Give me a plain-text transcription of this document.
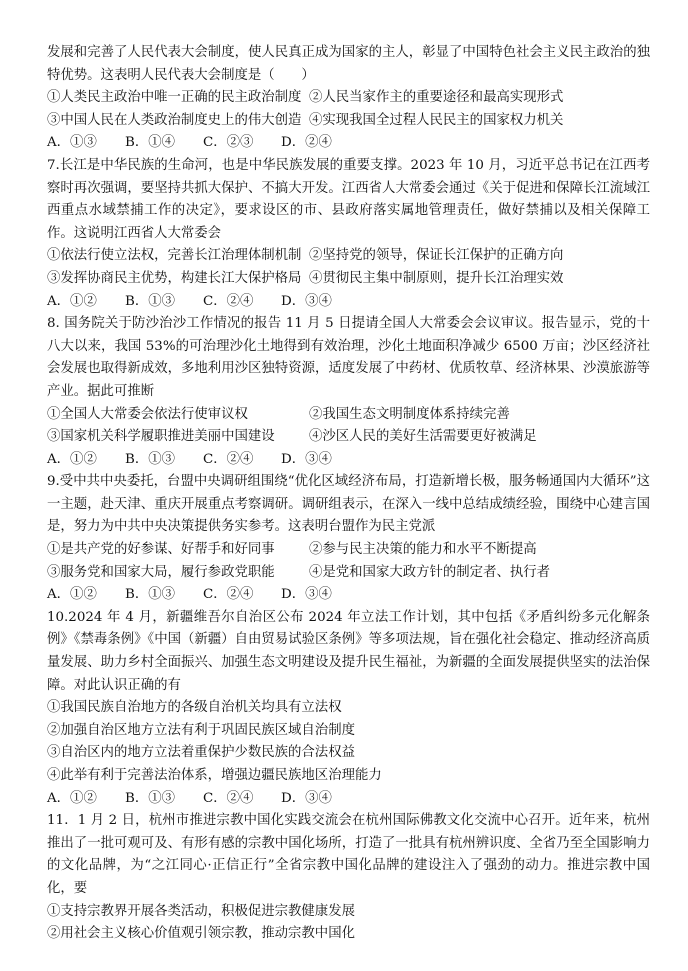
发展和完善了人民代表大会制度，使人民真正成为国家的主人，彰显了中国特色社会主义民主政治的独特优势。这表明人民代表大会制度是（　　）

①人类民主政治中唯一正确的民主政治制度 ②人民当家作主的重要途径和最高实现形式
③中国人民在人类政治制度史上的伟大创造 ④实现我国全过程人民民主的国家权力机关
A．①③	B．①④	C．②③	D．②④

7.长江是中华民族的生命河，也是中华民族发展的重要支撑。2023 年 10 月，习近平总书记在江西考察时再次强调，要坚持共抓大保护、不搞大开发。江西省人大常委会通过《关于促进和保障长江流域江西重点水域禁捕工作的决定》，要求设区的市、县政府落实属地管理责任，做好禁捕以及相关保障工作。这说明江西省人大常委会

①依法行使立法权，完善长江治理体制机制 ②坚持党的领导，保证长江保护的正确方向
③发挥协商民主优势，构建长江大保护格局 ④贯彻民主集中制原则，提升长江治理实效
A．①②	B．①③	C．②④	D．③④

8. 国务院关于防沙治沙工作情况的报告 11 月 5 日提请全国人大常委会会议审议。报告显示，党的十八大以来，我国 53%的可治理沙化土地得到有效治理，沙化土地面积净减少 6500 万亩；沙区经济社会发展也取得新成效，多地利用沙区独特资源，适度发展了中药材、优质牧草、经济林果、沙漠旅游等产业。据此可推断

①全国人大常委会依法行使审议权	②我国生态文明制度体系持续完善
③国家机关科学履职推进美丽中国建设	④沙区人民的美好生活需要更好被满足
A．①②	B．①③	C．②④	D．③④

9.受中共中央委托，台盟中央调研组围绕“优化区域经济布局，打造新增长极，服务畅通国内大循环”这一主题，赴天津、重庆开展重点考察调研。调研组表示，在深入一线中总结成绩经验，围绕中心建言国是，努力为中共中央决策提供务实参考。这表明台盟作为民主党派

①是共产党的好参谋、好帮手和好同事	②参与民主决策的能力和水平不断提高
③服务党和国家大局，履行参政党职能	④是党和国家大政方针的制定者、执行者
A．①②	B．①③	C．②④	D．③④

10.2024 年 4 月，新疆维吾尔自治区公布 2024 年立法工作计划，其中包括《矛盾纠纷多元化解条例》《禁毒条例》《中国（新疆）自由贸易试验区条例》等多项法规，旨在强化社会稳定、推动经济高质量发展、助力乡村全面振兴、加强生态文明建设及提升民生福祉，为新疆的全面发展提供坚实的法治保障。对此认识正确的有

①我国民族自治地方的各级自治机关均具有立法权

②加强自治区地方立法有利于巩固民族区域自治制度

③自治区内的地方立法着重保护少数民族的合法权益

④此举有利于完善法治体系，增强边疆民族地区治理能力

A．①②	B．①③	C．②④	D．③④

11．1 月 2 日，杭州市推进宗教中国化实践交流会在杭州国际佛教文化交流中心召开。近年来，杭州推出了一批可观可及、有形有感的宗教中国化场所，打造了一批具有杭州辨识度、全省乃至全国影响力的文化品牌，为“之江同心·正信正行”全省宗教中国化品牌的建设注入了强劲的动力。推进宗教中国化，要

①支持宗教界开展各类活动，积极促进宗教健康发展

②用社会主义核心价值观引领宗教，推动宗教中国化
